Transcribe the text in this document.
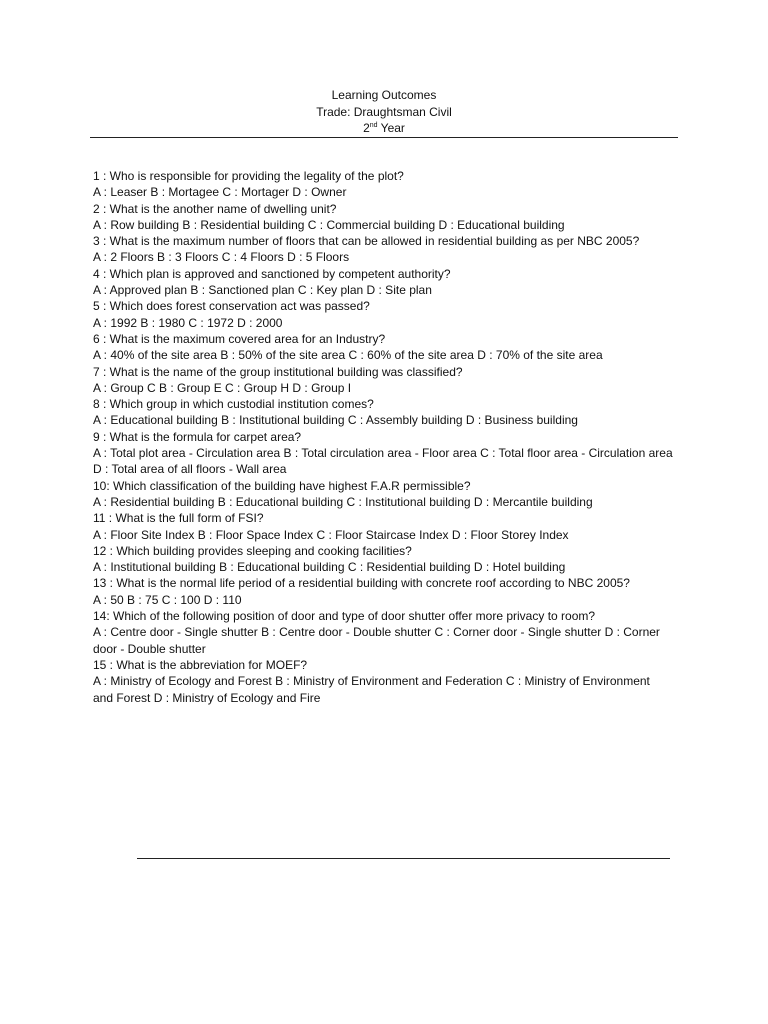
Learning Outcomes
Trade: Draughtsman Civil
2nd Year
1 : Who is responsible for providing the legality of the plot?
A : Leaser B : Mortagee C : Mortager D : Owner
2 : What is the another name of dwelling unit?
A : Row building B : Residential building C : Commercial building D : Educational building
3 : What is the maximum number of floors that can be allowed in residential building as per NBC 2005?
A : 2 Floors B : 3 Floors C : 4 Floors D : 5 Floors
4 : Which plan is approved and sanctioned by competent authority?
A : Approved plan B : Sanctioned plan C : Key plan D : Site plan
5 : Which does forest conservation act was passed?
A : 1992 B : 1980 C : 1972 D : 2000
6 : What is the maximum covered area for an Industry?
A : 40% of the site area B : 50% of the site area C : 60% of the site area D : 70% of the site area
7 : What is the name of the group institutional building was classified?
A : Group C B : Group E C : Group H D : Group I
8 : Which group in which custodial institution comes?
A : Educational building B : Institutional building C : Assembly building D : Business building
9 : What is the formula for carpet area?
A : Total plot area - Circulation area B : Total circulation area - Floor area C : Total floor area - Circulation area D : Total area of all floors - Wall area
10: Which classification of the building have highest F.A.R permissible?
A : Residential building B : Educational building C : Institutional building D : Mercantile building
11 : What is the full form of FSI?
A : Floor Site Index B : Floor Space Index C : Floor Staircase Index D : Floor Storey Index
12 : Which building provides sleeping and cooking facilities?
A : Institutional building B : Educational building C : Residential building D : Hotel building
13 : What is the normal life period of a residential building with concrete roof according to NBC 2005?
A : 50 B : 75 C : 100 D : 110
14: Which of the following position of door and type of door shutter offer more privacy to room?
A : Centre door - Single shutter B : Centre door - Double shutter C : Corner door - Single shutter D : Corner door - Double shutter
15 : What is the abbreviation for MOEF?
A : Ministry of Ecology and Forest B : Ministry of Environment and Federation C : Ministry of Environment and Forest D : Ministry of Ecology and Fire
